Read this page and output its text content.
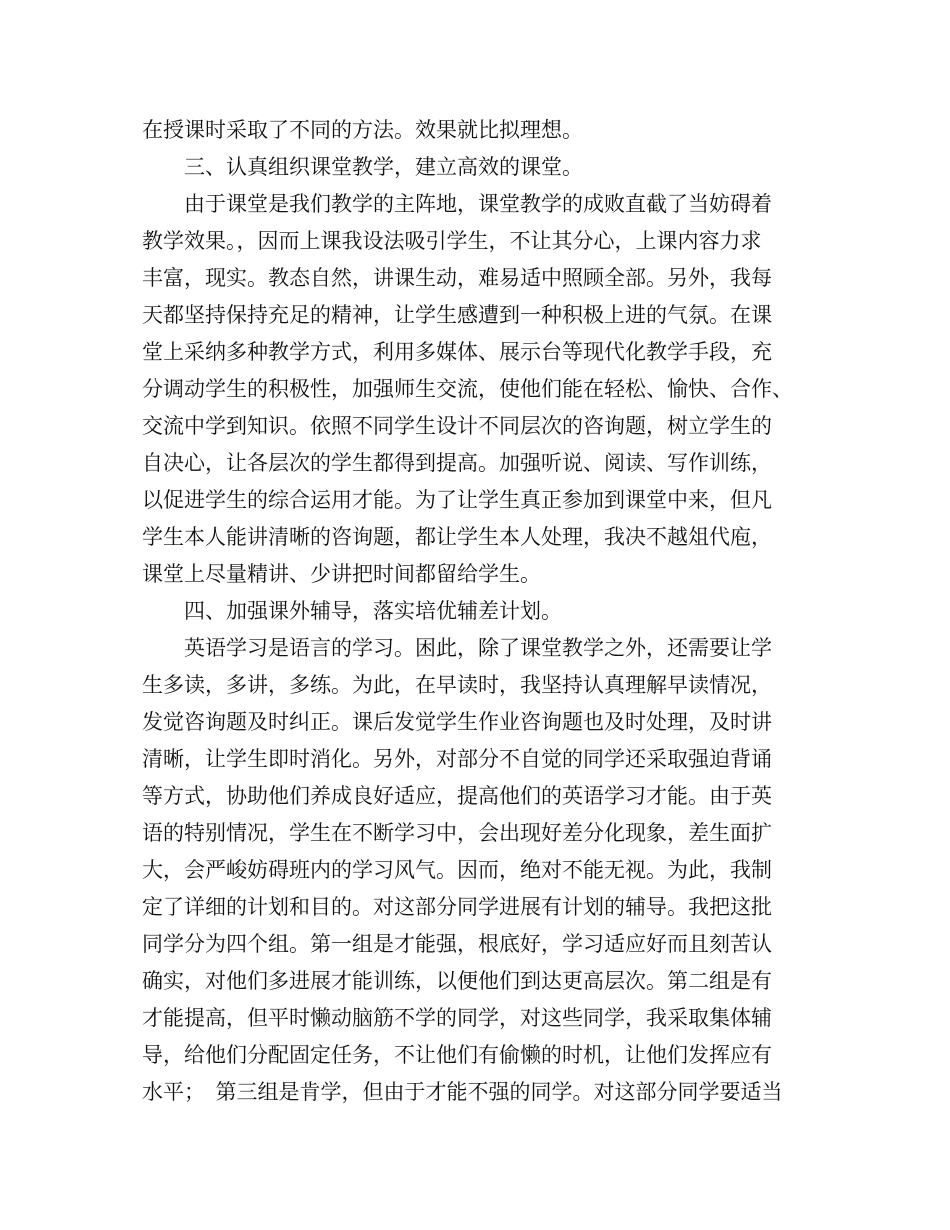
在授课时采取了不同的方法。效果就比拟理想。
三、认真组织课堂教学，建立高效的课堂。
由于课堂是我们教学的主阵地，课堂教学的成败直截了当妨碍着
教学效果。，因而上课我设法吸引学生，不让其分心，上课内容力求
丰富，现实。教态自然，讲课生动，难易适中照顾全部。另外，我每
天都坚持保持充足的精神，让学生感遭到一种积极上进的气氛。在课
堂上采纳多种教学方式，利用多媒体、展示台等现代化教学手段，充
分调动学生的积极性，加强师生交流，使他们能在轻松、愉快、合作、
交流中学到知识。依照不同学生设计不同层次的咨询题，树立学生的
自决心，让各层次的学生都得到提高。加强听说、阅读、写作训练，
以促进学生的综合运用才能。为了让学生真正参加到课堂中来，但凡
学生本人能讲清晰的咨询题，都让学生本人处理，我决不越俎代庖，
课堂上尽量精讲、少讲把时间都留给学生。
四、加强课外辅导，落实培优辅差计划。
英语学习是语言的学习。困此，除了课堂教学之外，还需要让学
生多读，多讲，多练。为此，在早读时，我坚持认真理解早读情况，
发觉咨询题及时纠正。课后发觉学生作业咨询题也及时处理，及时讲
清晰，让学生即时消化。另外，对部分不自觉的同学还采取强迫背诵
等方式，协助他们养成良好适应，提高他们的英语学习才能。由于英
语的特别情况，学生在不断学习中，会出现好差分化现象，差生面扩
大，会严峻妨碍班内的学习风气。因而，绝对不能无视。为此，我制
定了详细的计划和目的。对这部分同学进展有计划的辅导。我把这批
同学分为四个组。第一组是才能强，根底好，学习适应好而且刻苦认
确实，对他们多进展才能训练，以便他们到达更高层次。第二组是有
才能提高，但平时懒动脑筋不学的同学，对这些同学，我采取集体辅
导，给他们分配固定任务，不让他们有偷懒的时机，让他们发挥应有
水平；　第三组是肯学，但由于才能不强的同学。对这部分同学要适当
